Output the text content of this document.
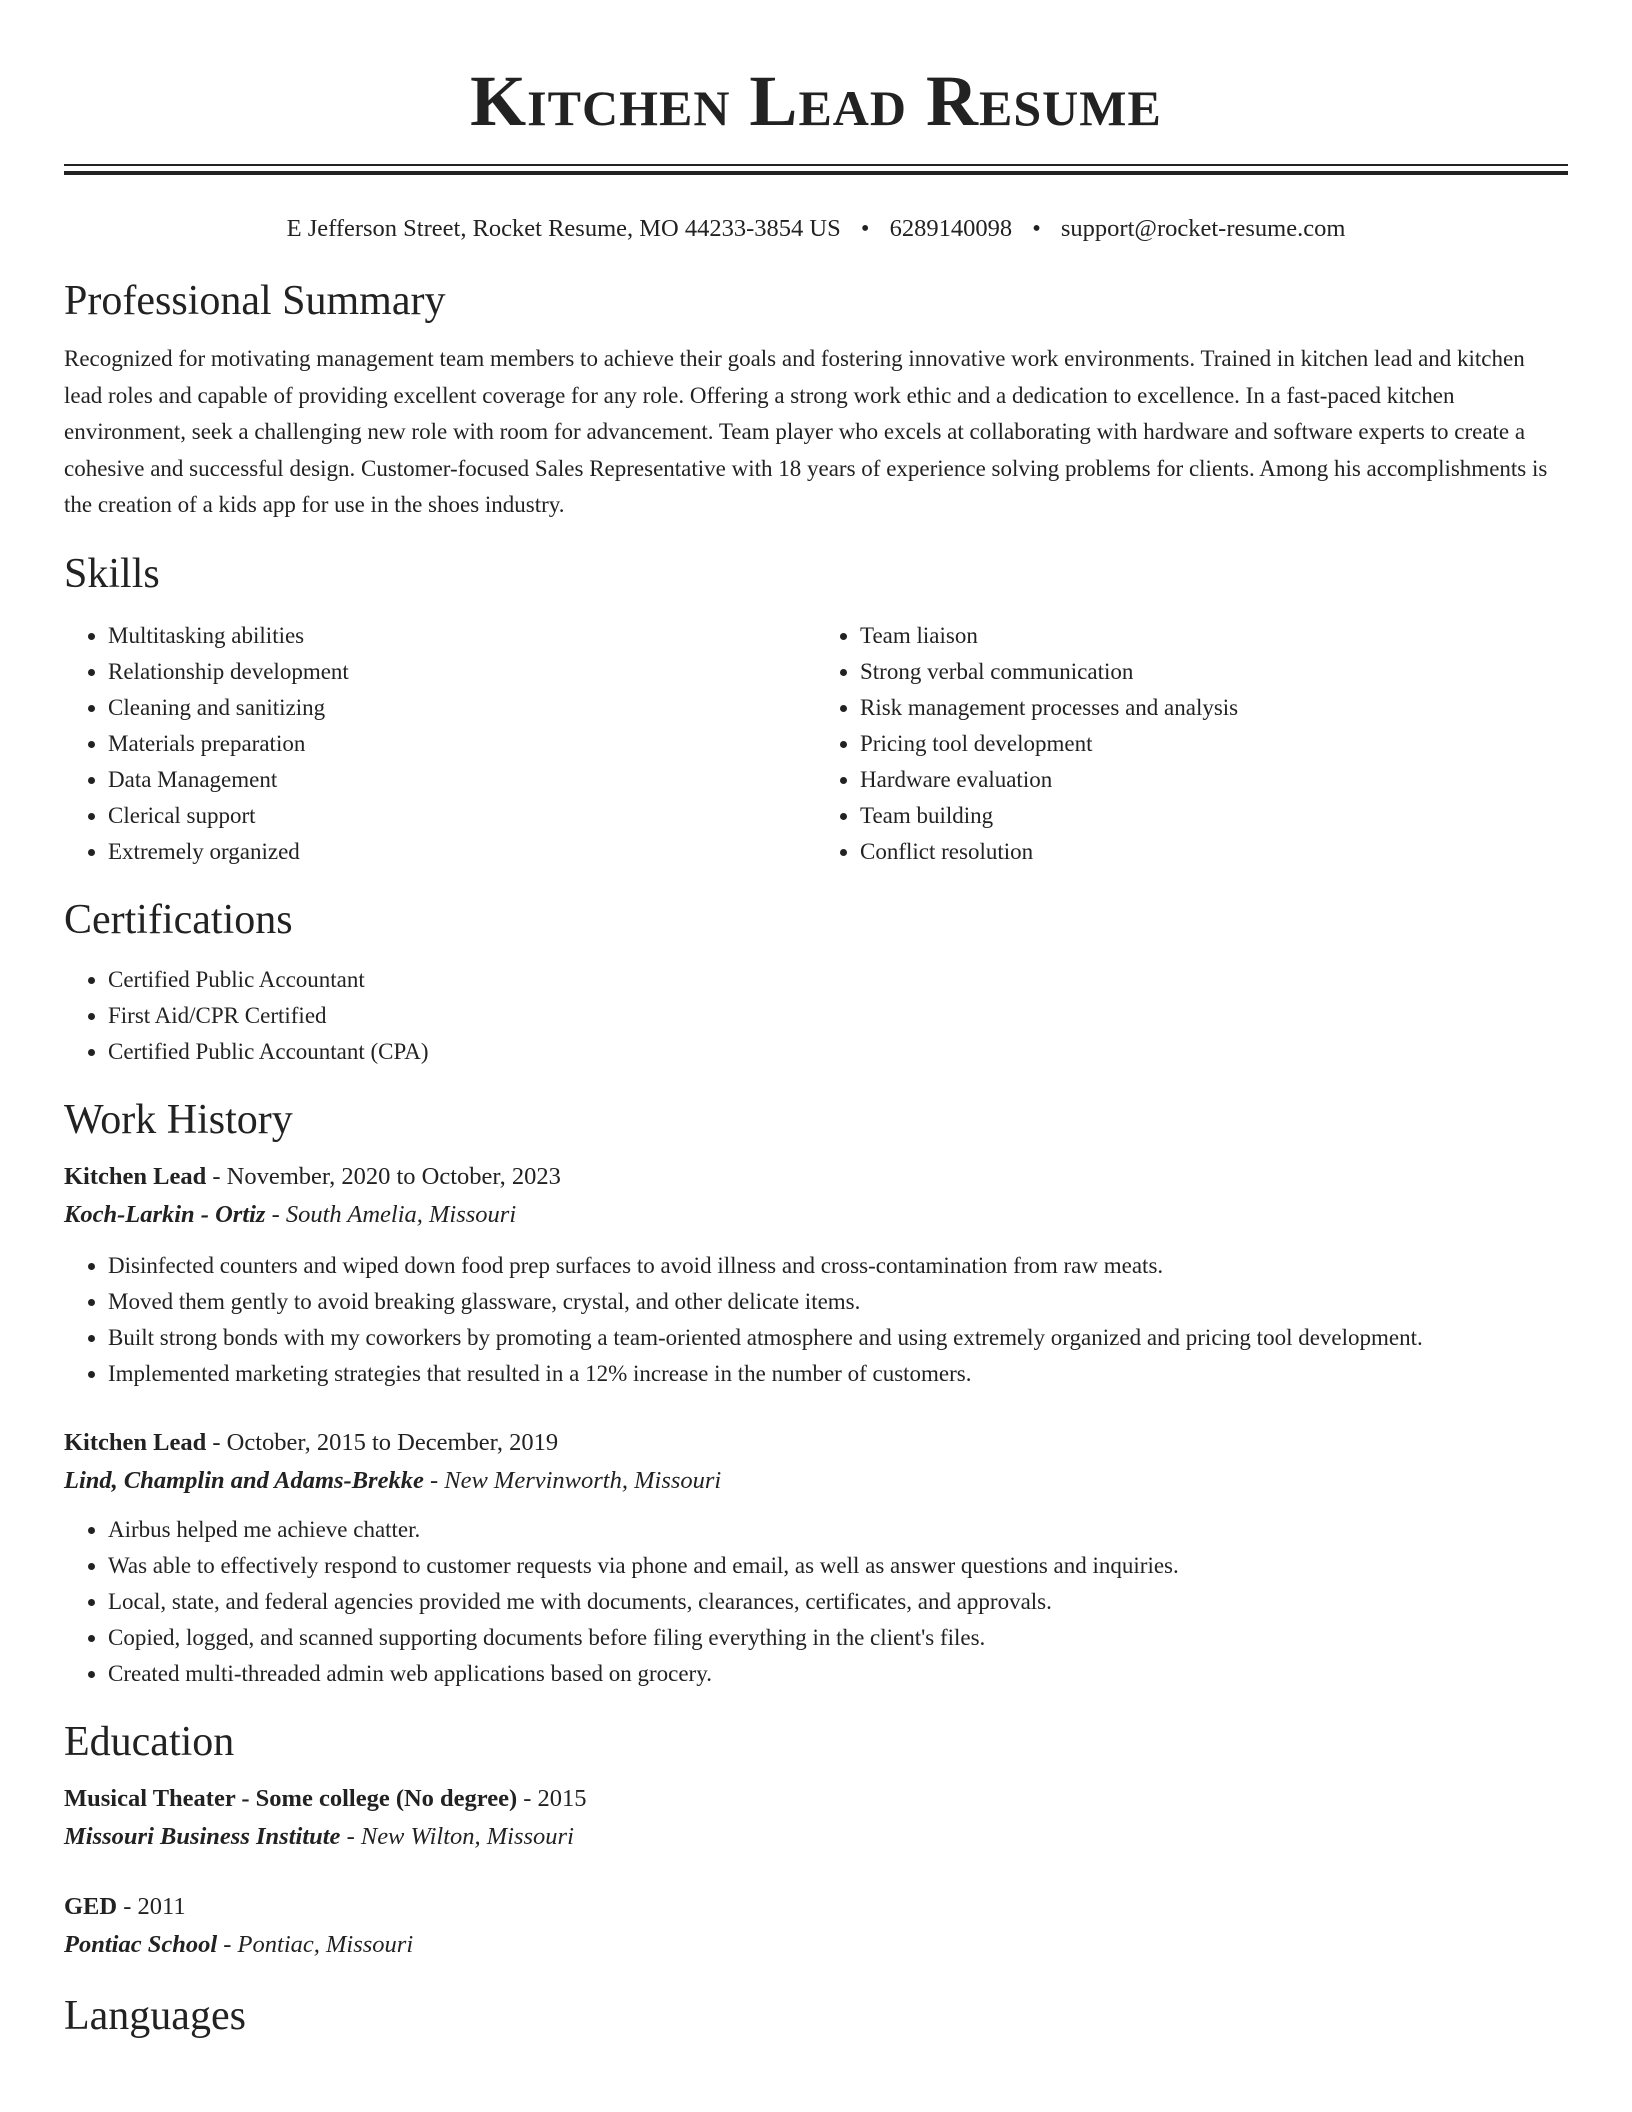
Kitchen Lead Resume
E Jefferson Street, Rocket Resume, MO 44233-3854 US • 6289140098 • support@rocket-resume.com
Professional Summary

Recognized for motivating management team members to achieve their goals and fostering innovative work environments. Trained in kitchen lead and kitchen lead roles and capable of providing excellent coverage for any role. Offering a strong work ethic and a dedication to excellence. In a fast-paced kitchen environment, seek a challenging new role with room for advancement. Team player who excels at collaborating with hardware and software experts to create a cohesive and successful design. Customer-focused Sales Representative with 18 years of experience solving problems for clients. Among his accomplishments is the creation of a kids app for use in the shoes industry.

Skills
• Multitasking abilities
• Relationship development
• Cleaning and sanitizing
• Materials preparation
• Data Management
• Clerical support
• Extremely organized
• Team liaison
• Strong verbal communication
• Risk management processes and analysis
• Pricing tool development
• Hardware evaluation
• Team building
• Conflict resolution
Certifications
• Certified Public Accountant
• First Aid/CPR Certified
• Certified Public Accountant (CPA)
Work History
Kitchen Lead - November, 2020 to October, 2023
Koch-Larkin - Ortiz - South Amelia, Missouri
• Disinfected counters and wiped down food prep surfaces to avoid illness and cross-contamination from raw meats.
• Moved them gently to avoid breaking glassware, crystal, and other delicate items.
• Built strong bonds with my coworkers by promoting a team-oriented atmosphere and using extremely organized and pricing tool development.
• Implemented marketing strategies that resulted in a 12% increase in the number of customers.
Kitchen Lead - October, 2015 to December, 2019
Lind, Champlin and Adams-Brekke - New Mervinworth, Missouri
• Airbus helped me achieve chatter.
• Was able to effectively respond to customer requests via phone and email, as well as answer questions and inquiries.
• Local, state, and federal agencies provided me with documents, clearances, certificates, and approvals.
• Copied, logged, and scanned supporting documents before filing everything in the client's files.
• Created multi-threaded admin web applications based on grocery.
Education
Musical Theater - Some college (No degree) - 2015
Missouri Business Institute - New Wilton, Missouri
GED - 2011
Pontiac School - Pontiac, Missouri
Languages
